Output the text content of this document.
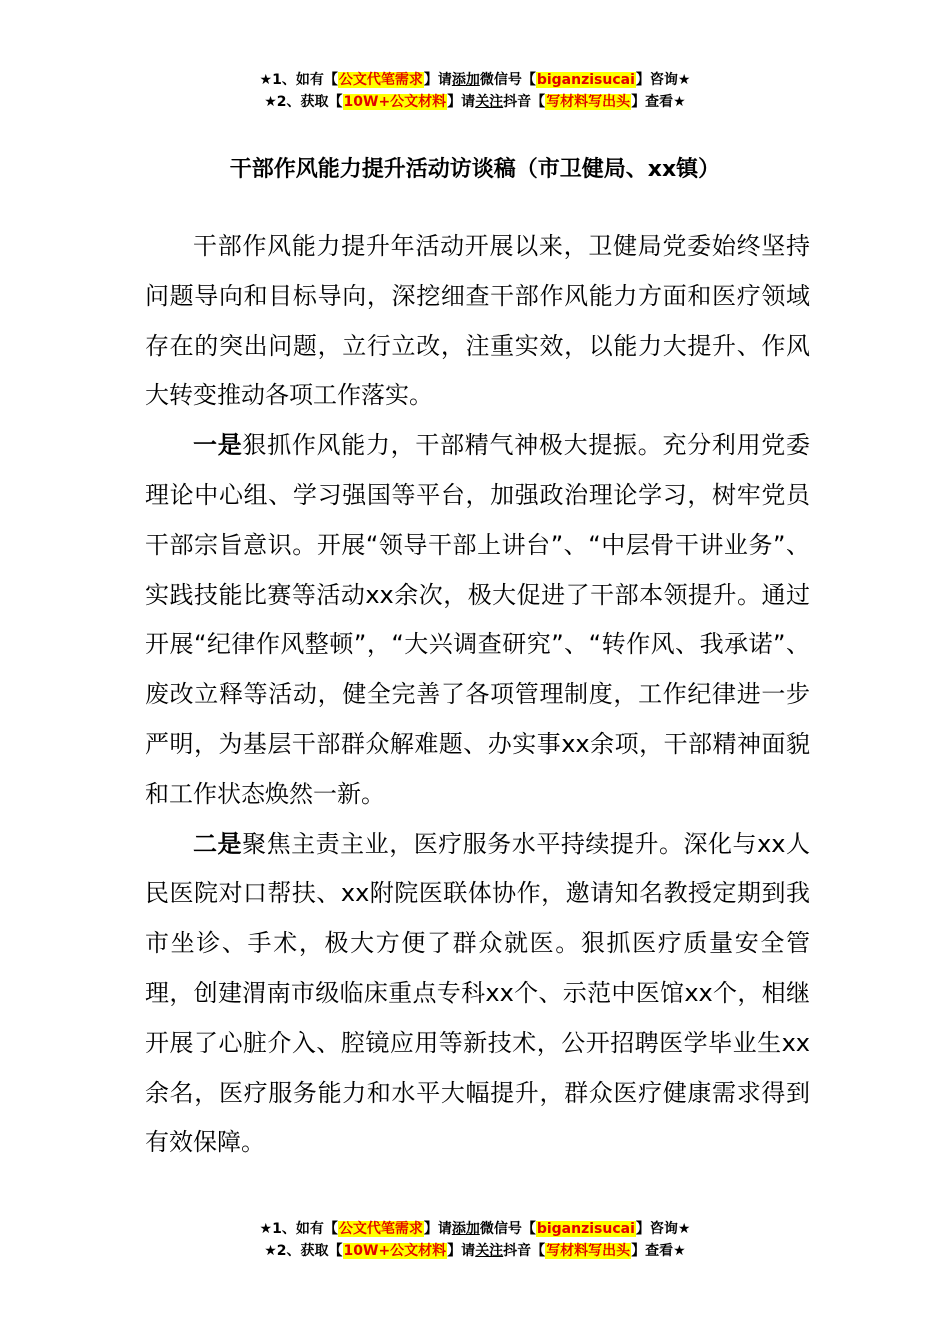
★1、如有【公文代笔需求】请添加微信号【biganzisucai】咨询★
★2、获取【10W+公文材料】请关注抖音【写材料写出头】查看★
干部作风能力提升活动访谈稿（市卫健局、xx镇）

干部作风能力提升年活动开展以来，卫健局党委始终坚持问题导向和目标导向，深挖细查干部作风能力方面和医疗领域存在的突出问题，立行立改，注重实效，以能力大提升、作风大转变推动各项工作落实。

一是狠抓作风能力，干部精气神极大提振。充分利用党委理论中心组、学习强国等平台，加强政治理论学习，树牢党员干部宗旨意识。开展“领导干部上讲台”、“中层骨干讲业务”、实践技能比赛等活动xx余次，极大促进了干部本领提升。通过开展“纪律作风整顿”，“大兴调查研究”、“转作风、我承诺”、废改立释等活动，健全完善了各项管理制度，工作纪律进一步严明，为基层干部群众解难题、办实事xx余项，干部精神面貌和工作状态焕然一新。

二是聚焦主责主业，医疗服务水平持续提升。深化与xx人民医院对口帮扶、xx附院医联体协作，邀请知名教授定期到我市坐诊、手术，极大方便了群众就医。狠抓医疗质量安全管理，创建渭南市级临床重点专科xx个、示范中医馆xx个，相继开展了心脏介入、腔镜应用等新技术，公开招聘医学毕业生xx余名，医疗服务能力和水平大幅提升，群众医疗健康需求得到有效保障。

★1、如有【公文代笔需求】请添加微信号【biganzisucai】咨询★
★2、获取【10W+公文材料】请关注抖音【写材料写出头】查看★
